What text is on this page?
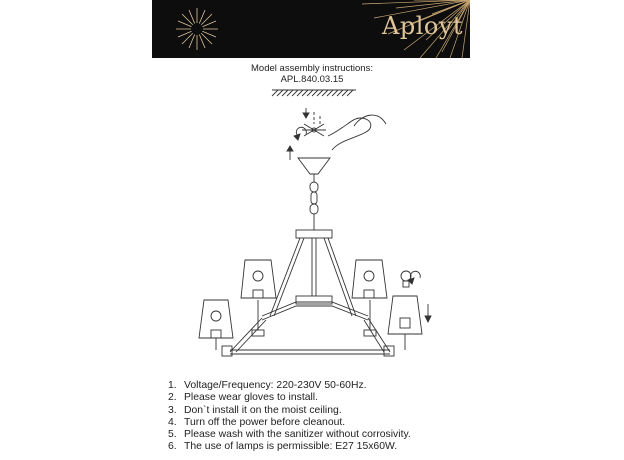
Aployt
Model assembly instructions:
APL.840.03.15
1. Voltage/Frequency: 220-230V 50-60Hz.
2. Please wear gloves to install.
3. Don`t install it on the moist ceiling.
4. Turn off the power before cleanout.
5. Please wash with the sanitizer without corrosivity.
6. The use of lamps is permissible: E27 15x60W.
